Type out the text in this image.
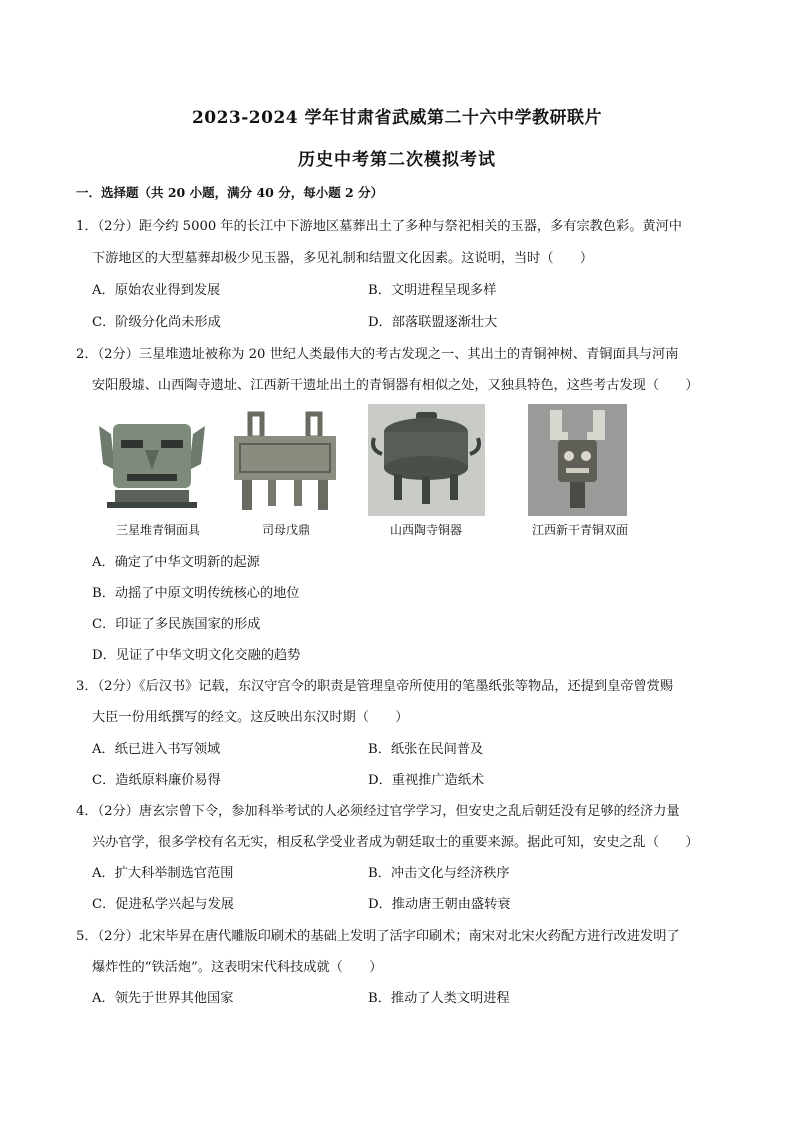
2023-2024 学年甘肃省武威第二十六中学教研联片
历史中考第二次模拟考试
一．选择题（共 20 小题，满分 40 分，每小题 2 分）
1．（2分）距今约 5000 年的长江中下游地区墓葬出土了多种与祭祀相关的玉器，多有宗教色彩。黄河中
下游地区的大型墓葬却极少见玉器，多见礼制和结盟文化因素。这说明，当时（　　）
A．原始农业得到发展	B．文明进程呈现多样
C．阶级分化尚未形成	D．部落联盟逐渐壮大
2．（2分）三星堆遗址被称为 20 世纪人类最伟大的考古发现之一、其出土的青铜神树、青铜面具与河南
安阳殷墟、山西陶寺遗址、江西新干遗址出土的青铜器有相似之处，又独具特色，这些考古发现（　　）
三星堆青铜面具	司母戊鼎	山西陶寺铜器	江西新干青铜双面
A．确定了中华文明新的起源
B．动摇了中原文明传统核心的地位
C．印证了多民族国家的形成
D．见证了中华文明文化交融的趋势
3．（2分）《后汉书》记载，东汉守宫令的职责是管理皇帝所使用的笔墨纸张等物品，还提到皇帝曾赏赐
大臣一份用纸撰写的经文。这反映出东汉时期（　　）
A．纸已进入书写领域	B．纸张在民间普及
C．造纸原料廉价易得	D．重视推广造纸术
4．（2分）唐玄宗曾下令，参加科举考试的人必须经过官学学习，但安史之乱后朝廷没有足够的经济力量
兴办官学，很多学校有名无实，相反私学受业者成为朝廷取士的重要来源。据此可知，安史之乱（　　）
A．扩大科举制选官范围	B．冲击文化与经济秩序
C．促进私学兴起与发展	D．推动唐王朝由盛转衰
5．（2分）北宋毕昇在唐代雕版印刷术的基础上发明了活字印刷术；南宋对北宋火药配方进行改进发明了
爆炸性的“铁活炮”。这表明宋代科技成就（　　）
A．领先于世界其他国家	B．推动了人类文明进程
